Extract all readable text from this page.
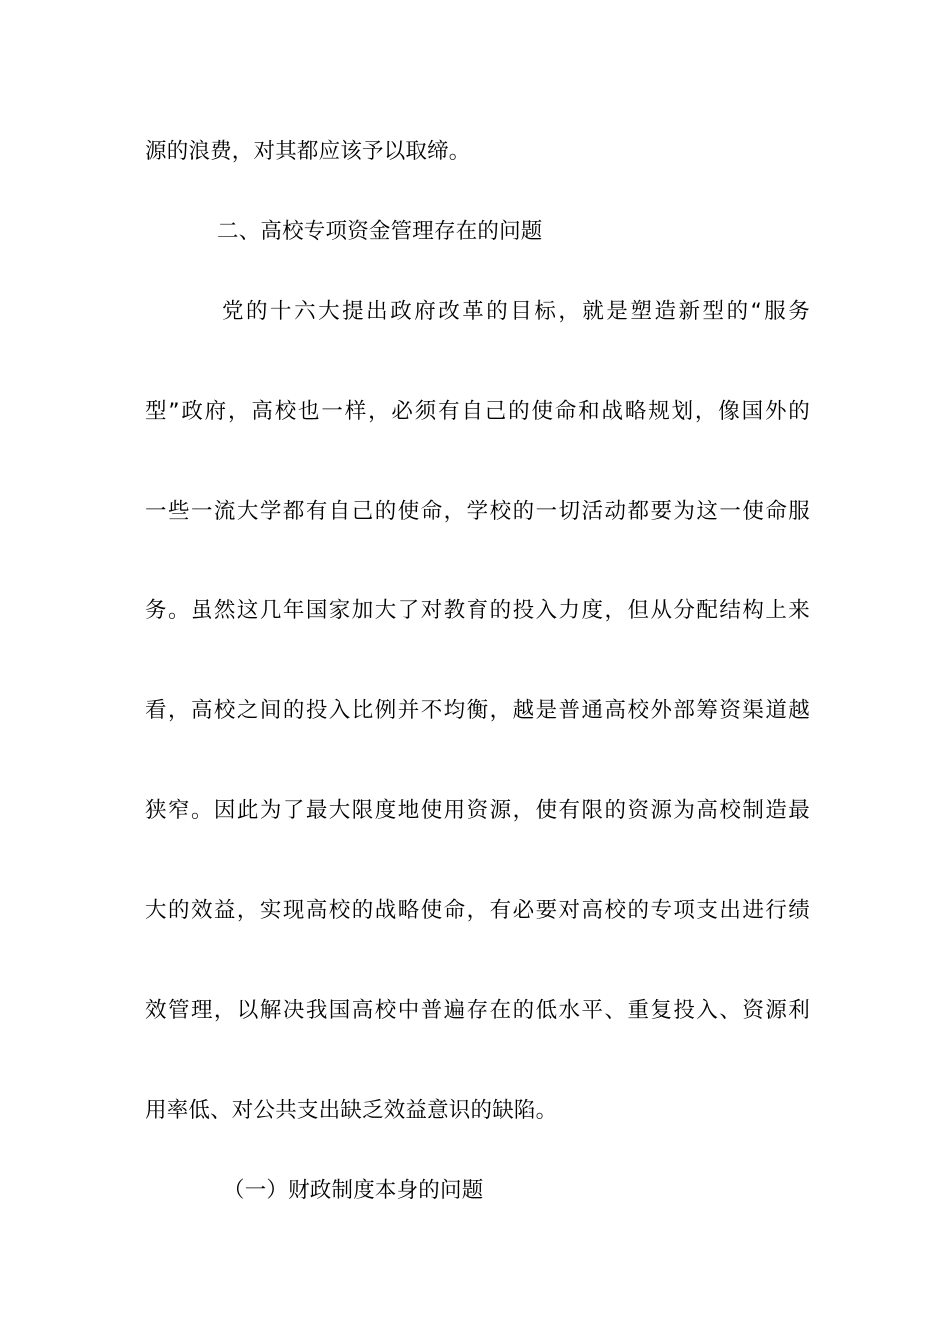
源的浪费，对其都应该予以取缔。
二、高校专项资金管理存在的问题
党的十六大提出政府改革的目标，就是塑造新型的“服务
型”政府，高校也一样，必须有自己的使命和战略规划，像国外的
一些一流大学都有自己的使命，学校的一切活动都要为这一使命服
务。虽然这几年国家加大了对教育的投入力度，但从分配结构上来
看，高校之间的投入比例并不均衡，越是普通高校外部筹资渠道越
狭窄。因此为了最大限度地使用资源，使有限的资源为高校制造最
大的效益，实现高校的战略使命，有必要对高校的专项支出进行绩
效管理，以解决我国高校中普遍存在的低水平、重复投入、资源利
用率低、对公共支出缺乏效益意识的缺陷。
（一）财政制度本身的问题
